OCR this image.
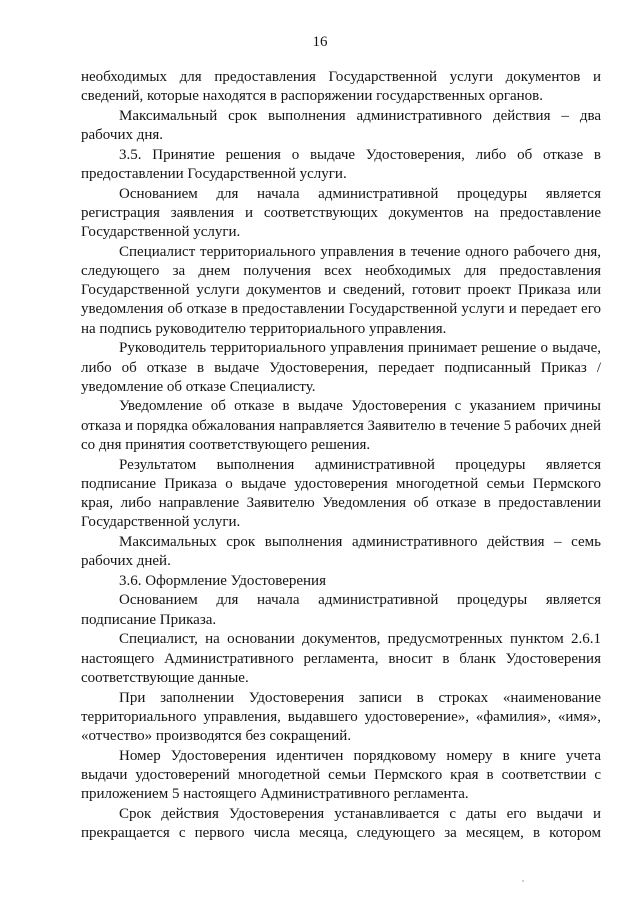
16

необходимых для предоставления Государственной услуги документов и сведений, которые находятся в распоряжении государственных органов.

Максимальный срок выполнения административного действия – два рабочих дня.

3.5. Принятие решения о выдаче Удостоверения, либо об отказе в предоставлении Государственной услуги.

Основанием для начала административной процедуры является регистрация заявления и соответствующих документов на предоставление Государственной услуги.

Специалист территориального управления в течение одного рабочего дня, следующего за днем получения всех необходимых для предоставления Государственной услуги документов и сведений, готовит проект Приказа или уведомления об отказе в предоставлении Государственной услуги и передает его на подпись руководителю территориального управления.

Руководитель территориального управления принимает решение о выдаче, либо об отказе в выдаче Удостоверения, передает подписанный Приказ / уведомление об отказе Специалисту.

Уведомление об отказе в выдаче Удостоверения с указанием причины отказа и порядка обжалования направляется Заявителю в течение 5 рабочих дней со дня принятия соответствующего решения.

Результатом выполнения административной процедуры является подписание Приказа о выдаче удостоверения многодетной семьи Пермского края, либо направление Заявителю Уведомления об отказе в предоставлении Государственной услуги.

Максимальных срок выполнения административного действия – семь рабочих дней.

3.6. Оформление Удостоверения

Основанием для начала административной процедуры является подписание Приказа.

Специалист, на основании документов, предусмотренных пунктом 2.6.1 настоящего Административного регламента, вносит в бланк Удостоверения соответствующие данные.

При заполнении Удостоверения записи в строках «наименование территориального управления, выдавшего удостоверение», «фамилия», «имя», «отчество» производятся без сокращений.

Номер Удостоверения идентичен порядковому номеру в книге учета выдачи удостоверений многодетной семьи Пермского края в соответствии с приложением 5 настоящего Административного регламента.

Срок действия Удостоверения устанавливается с даты его выдачи и прекращается с первого числа месяца, следующего за месяцем, в котором
